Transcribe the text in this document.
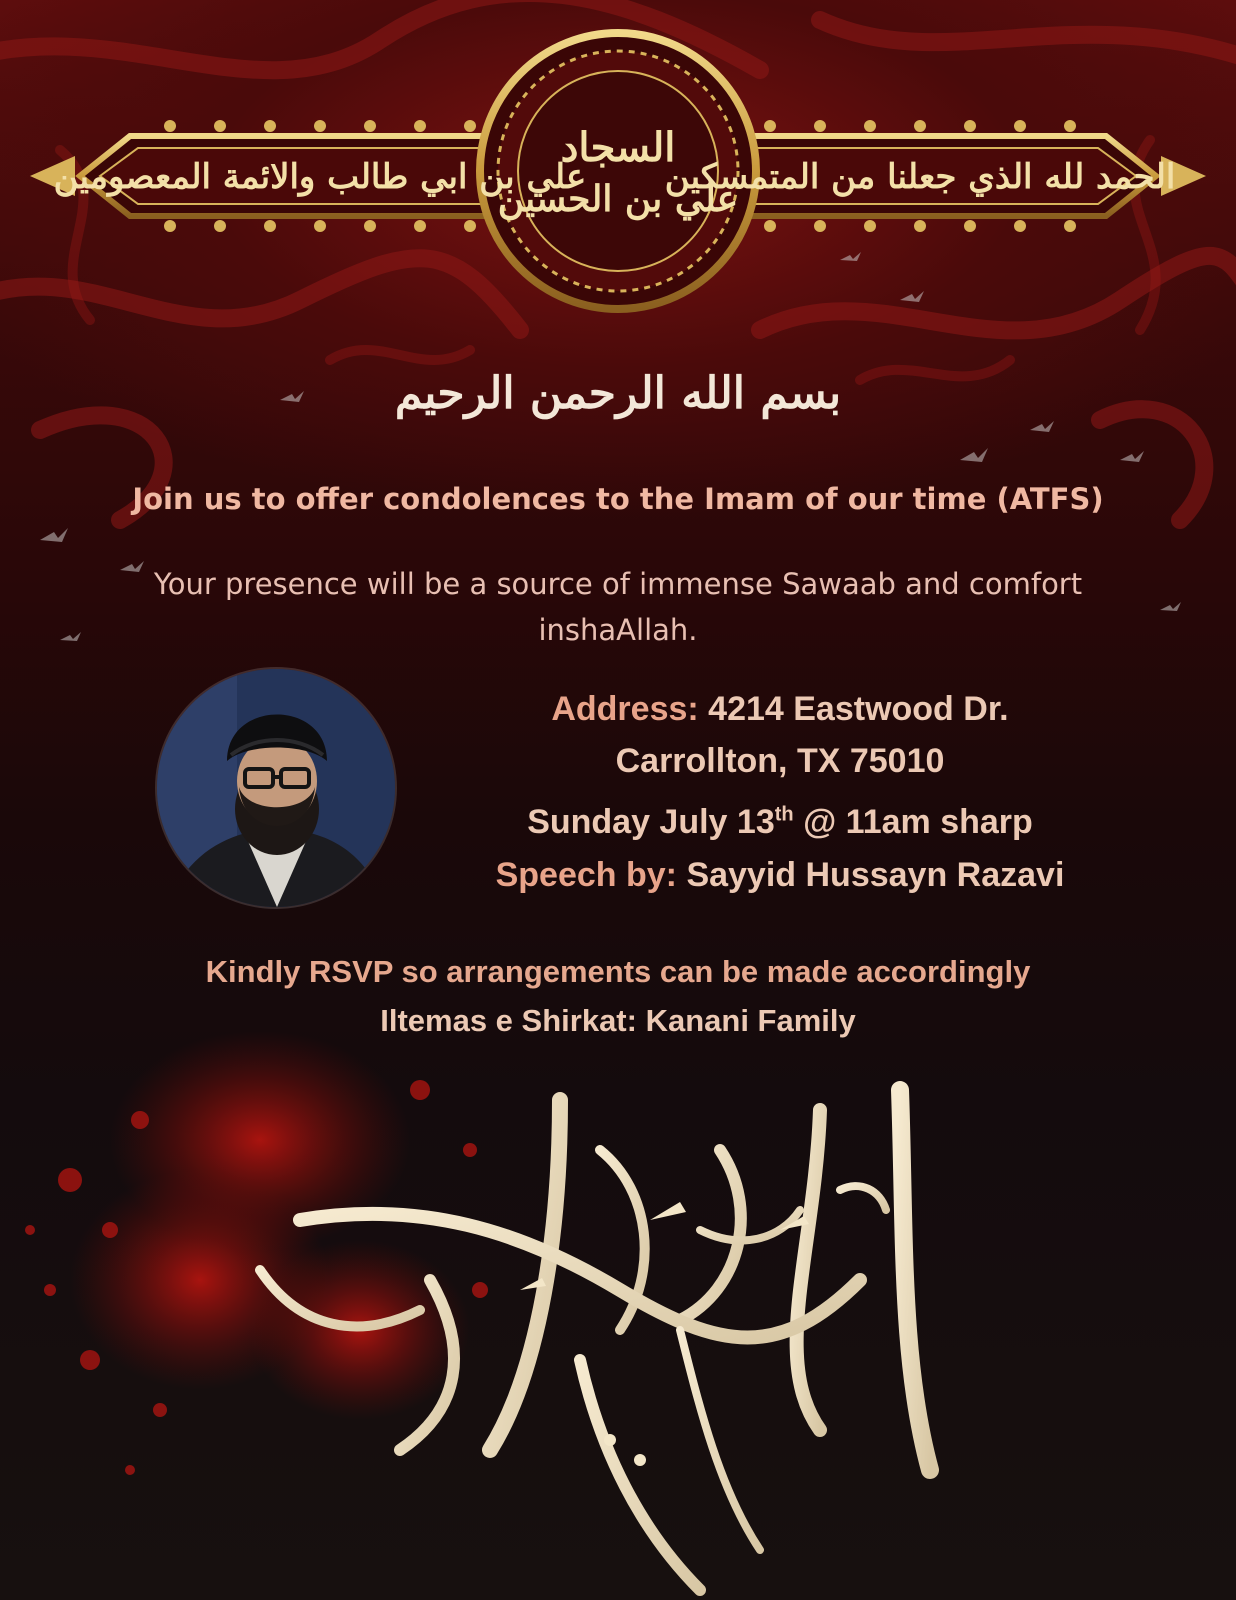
علي بن ابي طالب والائمة المعصومين الحمد لله الذي جعلنا من المتمسكين
السجاد
علي بن الحسين
بسم الله الرحمن الرحيم
Join us to offer condolences to the Imam of our time (ATFS)
Your presence will be a source of immense Sawaab and comfort inshaAllah.
Address: 4214 Eastwood Dr.
Carrollton, TX 75010
Sunday July 13th @ 11am sharp
Speech by: Sayyid Hussayn Razavi
Kindly RSVP so arrangements can be made accordingly
Iltemas e Shirkat: Kanani Family
